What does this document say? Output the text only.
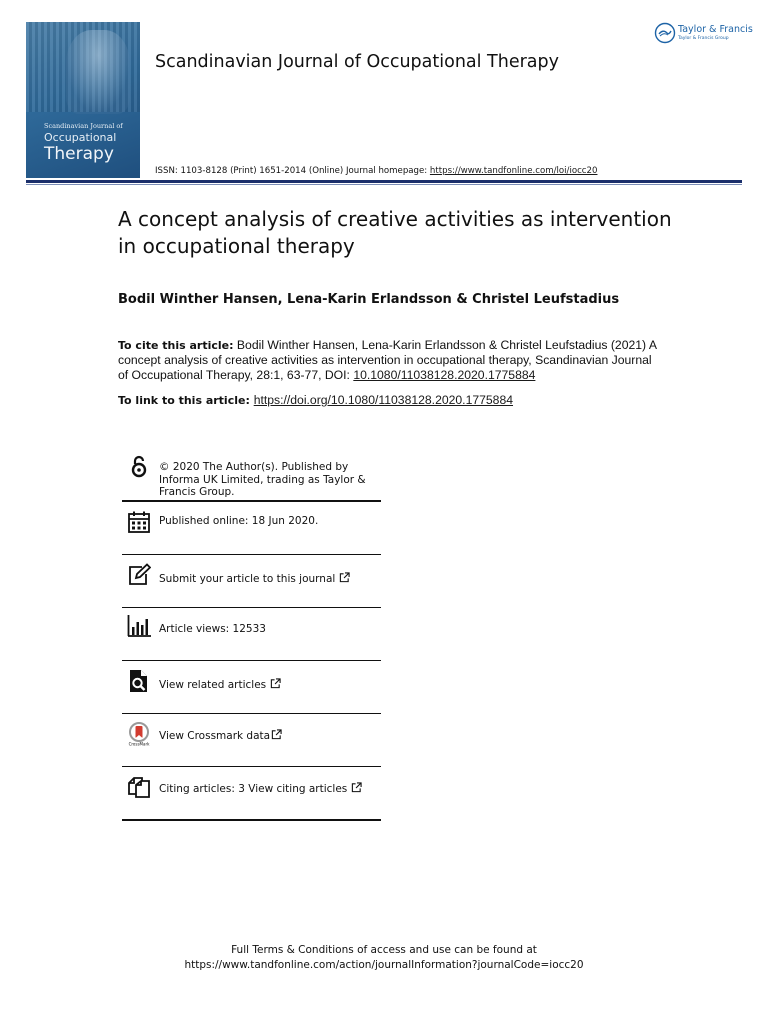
Scandinavian Journal of
Occupational
Therapy
Scandinavian Journal of Occupational Therapy
Taylor & Francis
Taylor & Francis Group
ISSN: 1103-8128 (Print) 1651-2014 (Online) Journal homepage: https://www.tandfonline.com/loi/iocc20
A concept analysis of creative activities as intervention in occupational therapy
Bodil Winther Hansen, Lena-Karin Erlandsson & Christel Leufstadius
To cite this article: Bodil Winther Hansen, Lena-Karin Erlandsson & Christel Leufstadius (2021) A concept analysis of creative activities as intervention in occupational therapy, Scandinavian Journal of Occupational Therapy, 28:1, 63-77, DOI: 10.1080/11038128.2020.1775884
To link to this article: https://doi.org/10.1080/11038128.2020.1775884
© 2020 The Author(s). Published by Informa UK Limited, trading as Taylor & Francis Group.
Published online: 18 Jun 2020.
Submit your article to this journal
Article views: 12533
View related articles
CrossMark
View Crossmark data
Citing articles: 3 View citing articles
Full Terms & Conditions of access and use can be found at
https://www.tandfonline.com/action/journalInformation?journalCode=iocc20
